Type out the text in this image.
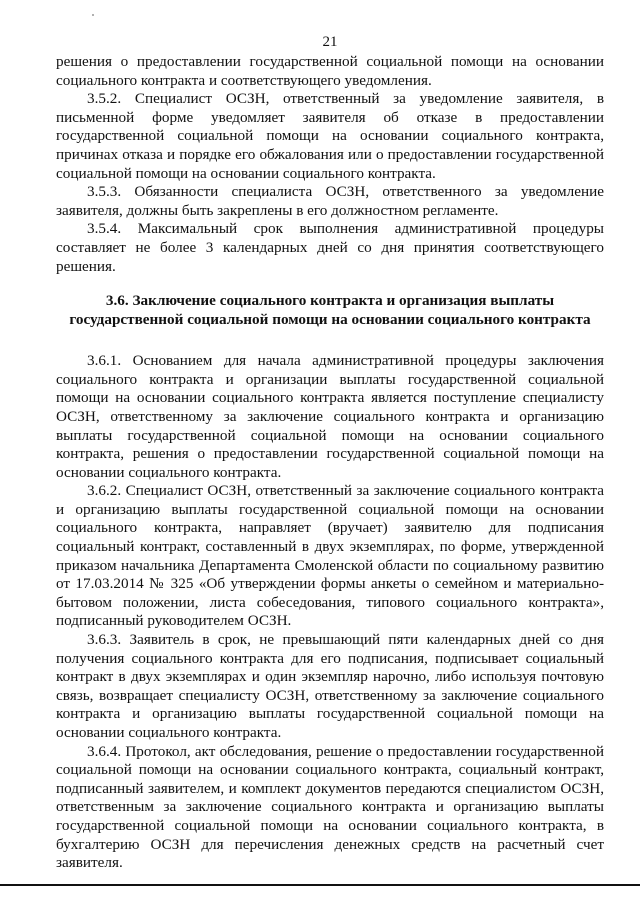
21

решения о предоставлении государственной социальной помощи на основании социального контракта и соответствующего уведомления.

3.5.2. Специалист ОСЗН, ответственный за уведомление заявителя, в письменной форме уведомляет заявителя об отказе в предоставлении государственной социальной помощи на основании социального контракта, причинах отказа и порядке его обжалования или о предоставлении государственной социальной помощи на основании социального контракта.

3.5.3. Обязанности специалиста ОСЗН, ответственного за уведомление заявителя, должны быть закреплены в его должностном регламенте.

3.5.4. Максимальный срок выполнения административной процедуры составляет не более 3 календарных дней со дня принятия соответствующего решения.

3.6. Заключение социального контракта и организация выплаты
государственной социальной помощи на основании социального контракта

3.6.1. Основанием для начала административной процедуры заключения социального контракта и организации выплаты государственной социальной помощи на основании социального контракта является поступление специалисту ОСЗН, ответственному за заключение социального контракта и организацию выплаты государственной социальной помощи на основании социального контракта, решения о предоставлении государственной социальной помощи на основании социального контракта.

3.6.2. Специалист ОСЗН, ответственный за заключение социального контракта и организацию выплаты государственной социальной помощи на основании социального контракта, направляет (вручает) заявителю для подписания социальный контракт, составленный в двух экземплярах, по форме, утвержденной приказом начальника Департамента Смоленской области по социальному развитию от 17.03.2014 № 325 «Об утверждении формы анкеты о семейном и материально-бытовом положении, листа собеседования, типового социального контракта», подписанный руководителем ОСЗН.

3.6.3. Заявитель в срок, не превышающий пяти календарных дней со дня получения социального контракта для его подписания, подписывает социальный контракт в двух экземплярах и один экземпляр нарочно, либо используя почтовую связь, возвращает специалисту ОСЗН, ответственному за заключение социального контракта и организацию выплаты государственной социальной помощи на основании социального контракта.

3.6.4. Протокол, акт обследования, решение о предоставлении государственной социальной помощи на основании социального контракта, социальный контракт, подписанный заявителем, и комплект документов передаются специалистом ОСЗН, ответственным за заключение социального контракта и организацию выплаты государственной социальной помощи на основании социального контракта, в бухгалтерию ОСЗН для перечисления денежных средств на расчетный счет заявителя.
